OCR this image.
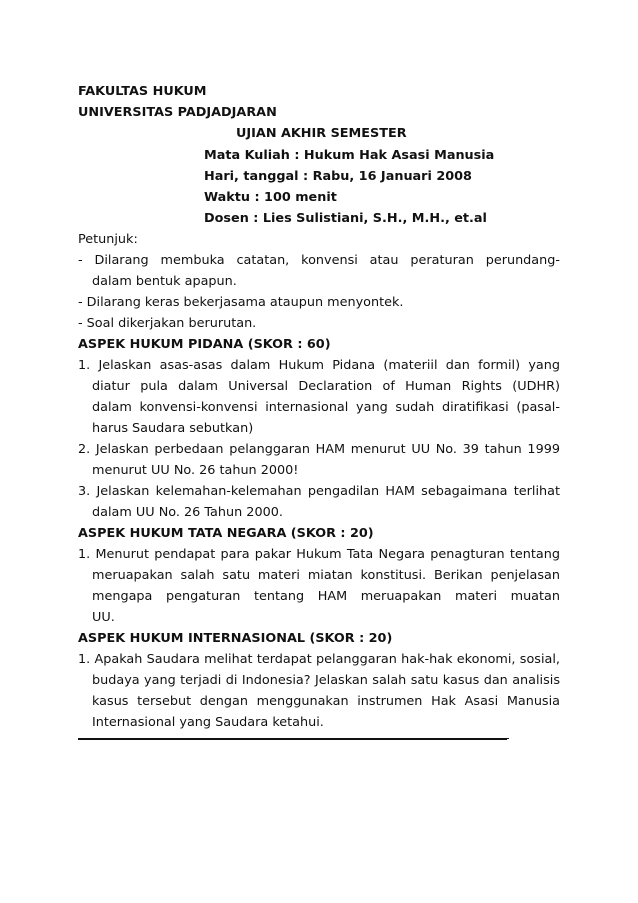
FAKULTAS HUKUM
UNIVERSITAS PADJADJARAN
UJIAN AKHIR SEMESTER
Mata Kuliah : Hukum Hak Asasi Manusia
Hari, tanggal : Rabu, 16 Januari 2008
Waktu : 100 menit
Dosen : Lies Sulistiani, S.H., M.H., et.al
Petunjuk:
- Dilarang membuka catatan, konvensi atau peraturan perundang-
dalam bentuk apapun.
- Dilarang keras bekerjasama ataupun menyontek.
- Soal dikerjakan berurutan.
ASPEK HUKUM PIDANA (SKOR : 60)
1. Jelaskan asas-asas dalam Hukum Pidana (materiil dan formil) yang
diatur pula dalam Universal Declaration of Human Rights (UDHR)
dalam konvensi-konvensi internasional yang sudah diratifikasi (pasal-
harus Saudara sebutkan)
2. Jelaskan perbedaan pelanggaran HAM menurut UU No. 39 tahun 1999
menurut UU No. 26 tahun 2000!
3. Jelaskan kelemahan-kelemahan pengadilan HAM sebagaimana terlihat
dalam UU No. 26 Tahun 2000.
ASPEK HUKUM TATA NEGARA (SKOR : 20)
1. Menurut pendapat para pakar Hukum Tata Negara penagturan tentang
meruapakan salah satu materi miatan konstitusi. Berikan penjelasan
mengapa pengaturan tentang HAM meruapakan materi muatan
UU.
ASPEK HUKUM INTERNASIONAL (SKOR : 20)
1. Apakah Saudara melihat terdapat pelanggaran hak-hak ekonomi, sosial,
budaya yang terjadi di Indonesia? Jelaskan salah satu kasus dan analisis
kasus tersebut dengan menggunakan instrumen Hak Asasi Manusia
Internasional yang Saudara ketahui.
-
